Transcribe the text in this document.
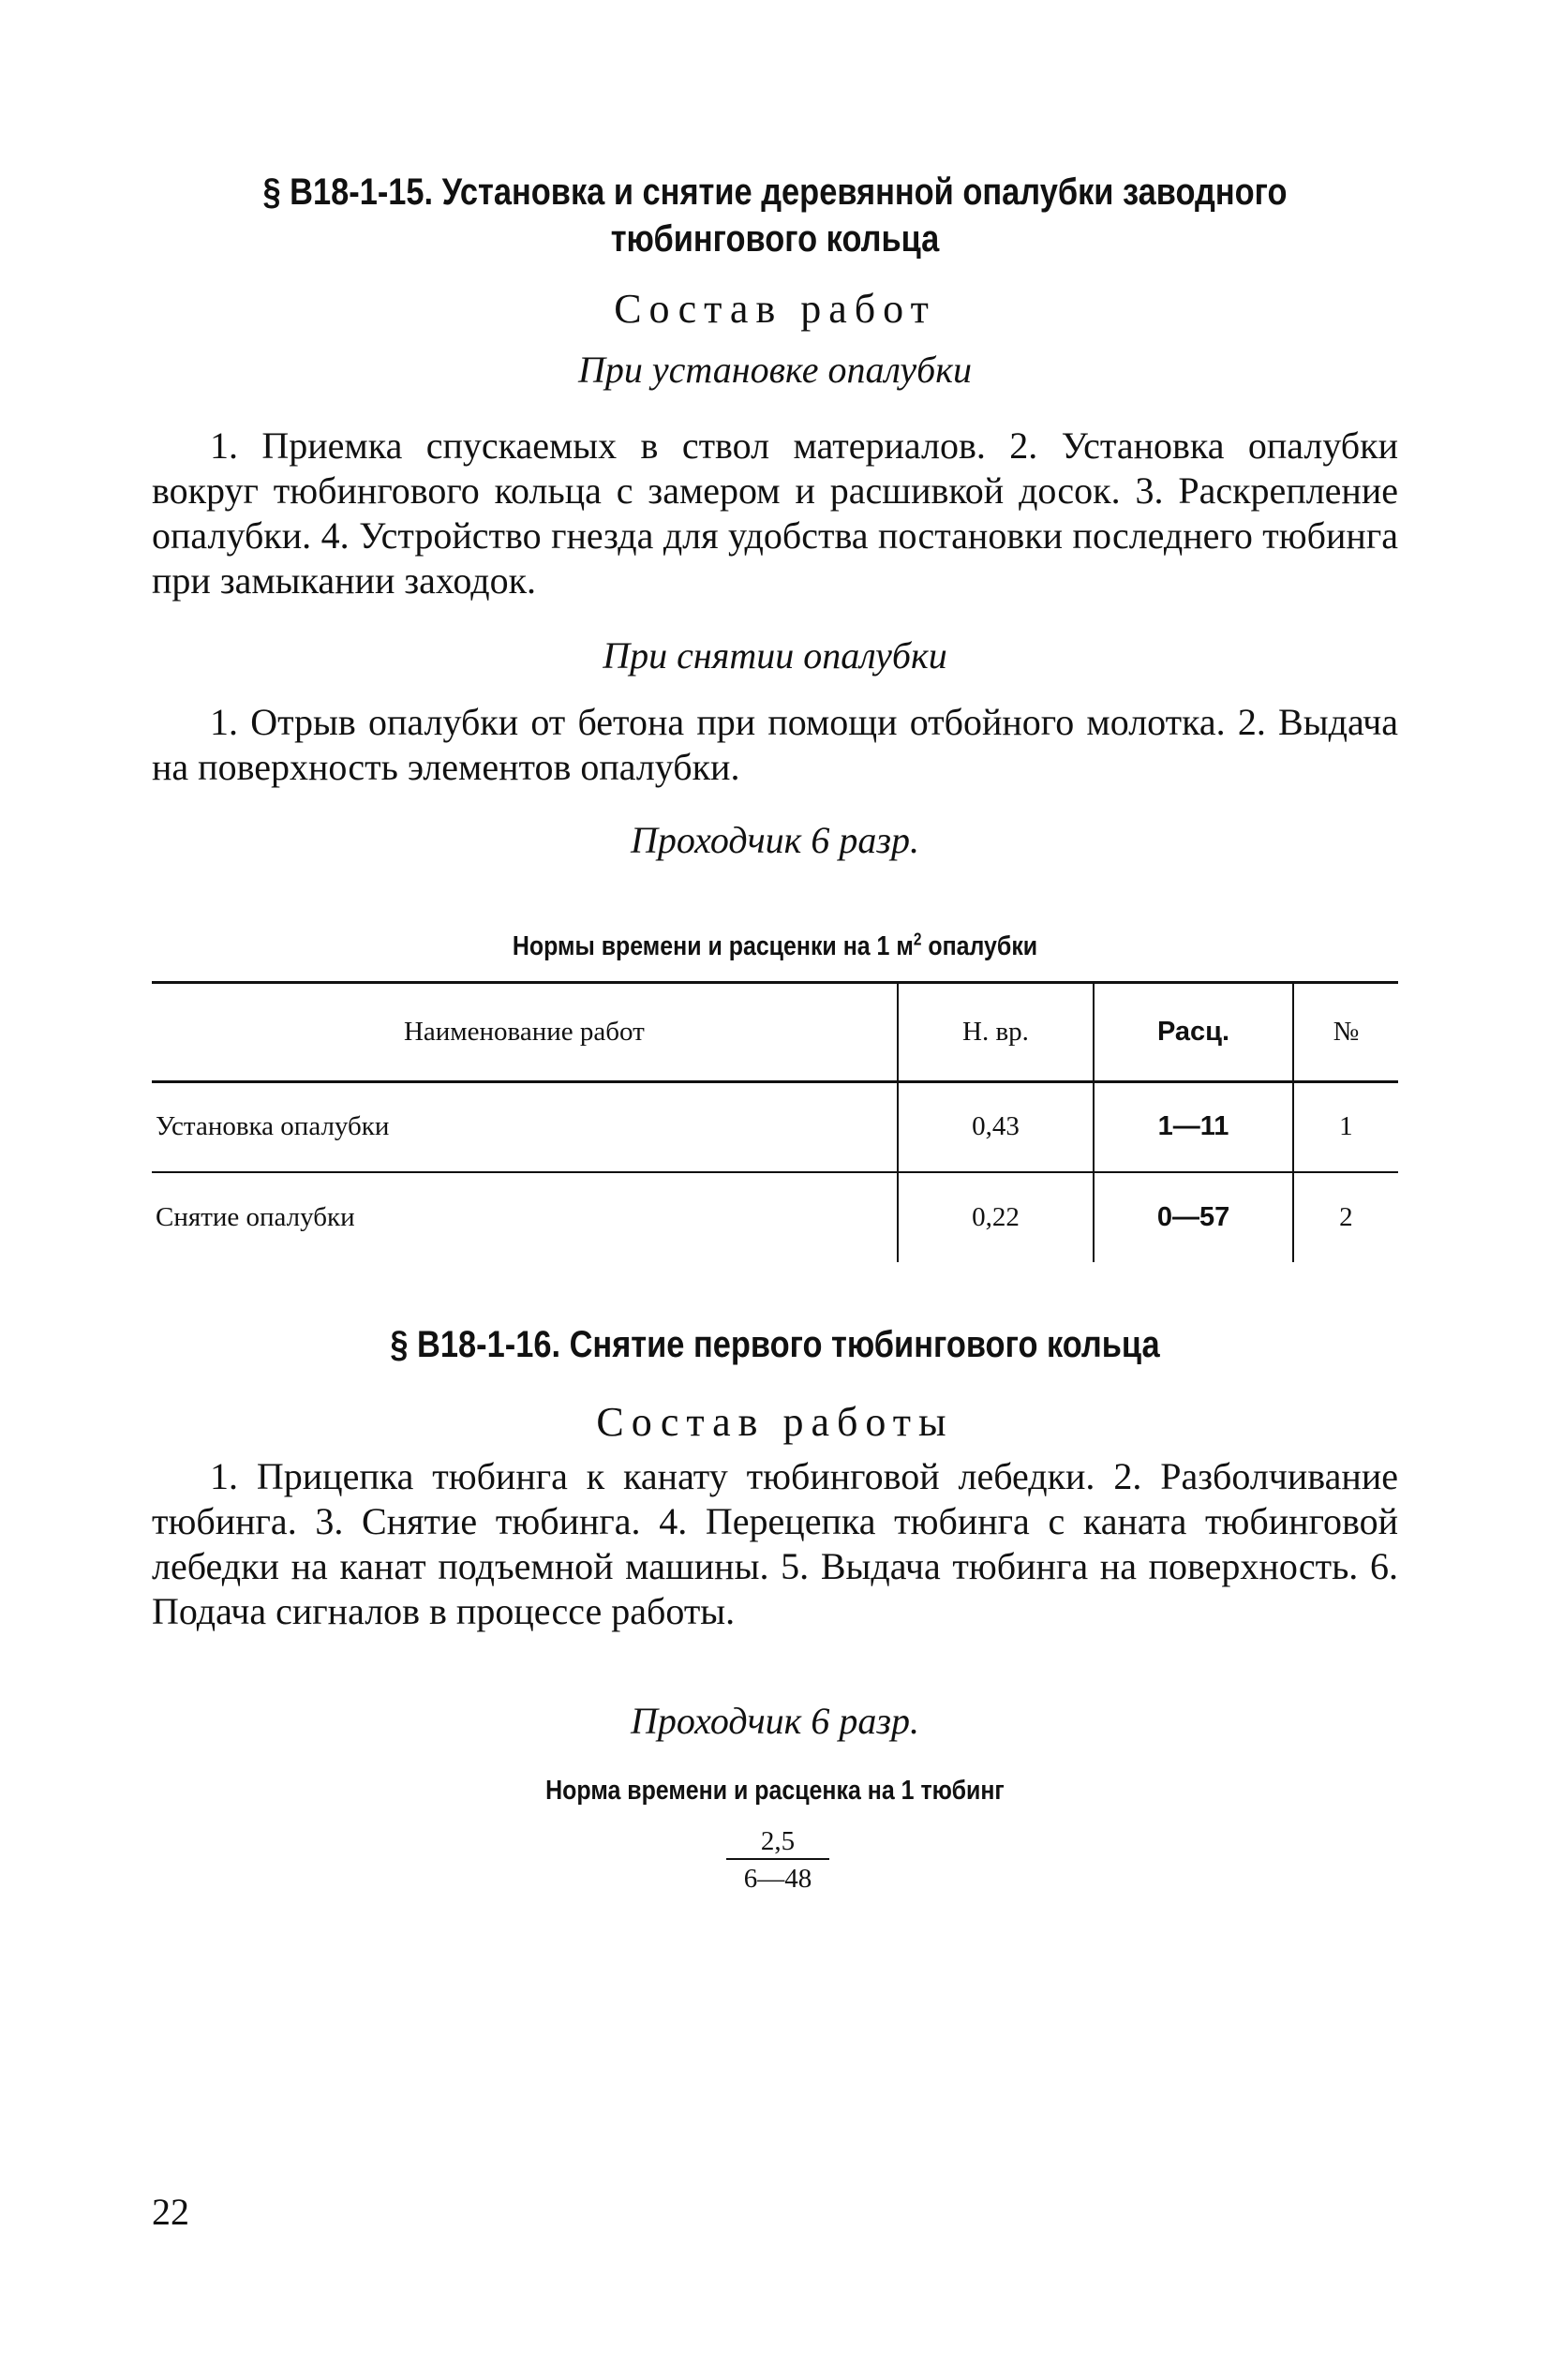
§ В18-1-15. Установка и снятие деревянной опалубки заводного
тюбингового кольца
Состав работ
При установке опалубки

1. Приемка спускаемых в ствол материалов. 2. Установка опалубки вокруг тюбингового кольца с замером и расшивкой досок. 3. Раскрепление опалубки. 4. Устройство гнезда для удобства постановки последнего тюбинга при замыкании заходок.

При снятии опалубки

1. Отрыв опалубки от бетона при помощи отбойного молотка. 2. Выдача на поверхность элементов опалубки.

Проходчик 6 разр.
Нормы времени и расценки на 1 $м^2$ опалубки
Наименование работ	Н. вр.	Расц.	№
Установка опалубки	0,43	1—11	1
Снятие опалубки	0,22	0—57	2
§ В18-1-16. Снятие первого тюбингового кольца
Состав работы

1. Прицепка тюбинга к канату тюбинговой лебедки. 2. Разболчивание тюбинга. 3. Снятие тюбинга. 4. Перецепка тюбинга с каната тюбинговой лебедки на канат подъемной машины. 5. Выдача тюбинга на поверхность. 6. Подача сигналов в процессе работы.

Проходчик 6 разр.
Норма времени и расценка на 1 тюбинг
$\frac{2,5}{6—48}$
22
